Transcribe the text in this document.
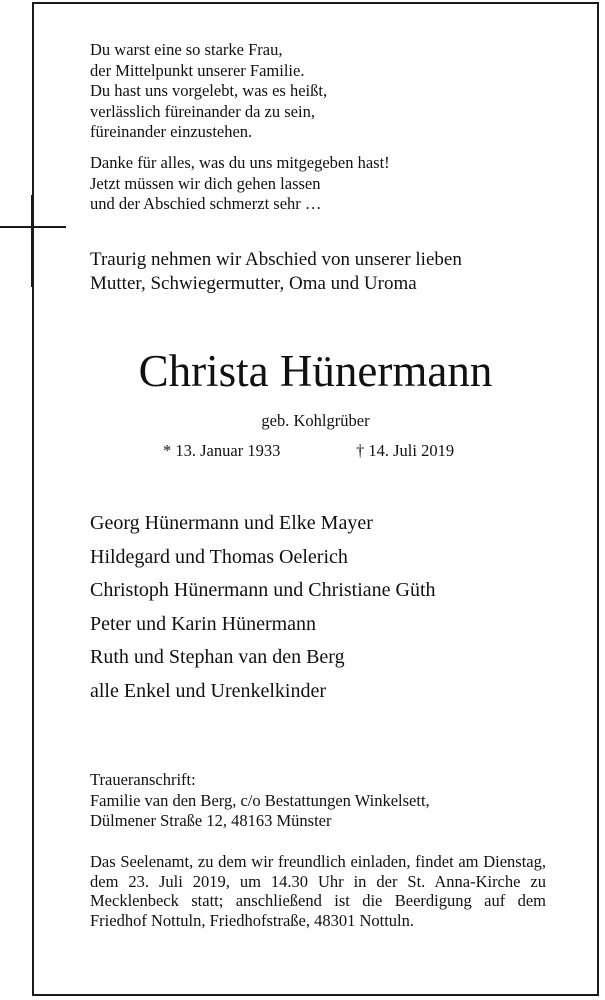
Du warst eine so starke Frau,
der Mittelpunkt unserer Familie.
Du hast uns vorgelebt, was es heißt,
verlässlich füreinander da zu sein,
füreinander einzustehen.
Danke für alles, was du uns mitgegeben hast!
Jetzt müssen wir dich gehen lassen
und der Abschied schmerzt sehr …
Traurig nehmen wir Abschied von unserer lieben
Mutter, Schwiegermutter, Oma und Uroma
Christa Hünermann
geb. Kohlgrüber
* 13. Januar 1933	† 14. Juli 2019
Georg Hünermann und Elke Mayer
Hildegard und Thomas Oelerich
Christoph Hünermann und Christiane Güth
Peter und Karin Hünermann
Ruth und Stephan van den Berg
alle Enkel und Urenkelkinder
Traueranschrift:
Familie van den Berg, c/o Bestattungen Winkelsett,
Dülmener Straße 12, 48163 Münster
Das Seelenamt, zu dem wir freundlich einladen, findet am Dienstag, dem 23. Juli 2019, um 14.30 Uhr in der St. Anna-Kirche zu Mecklenbeck statt; anschließend ist die Beerdigung auf dem Friedhof Nottuln, Friedhofstraße, 48301 Nottuln.
